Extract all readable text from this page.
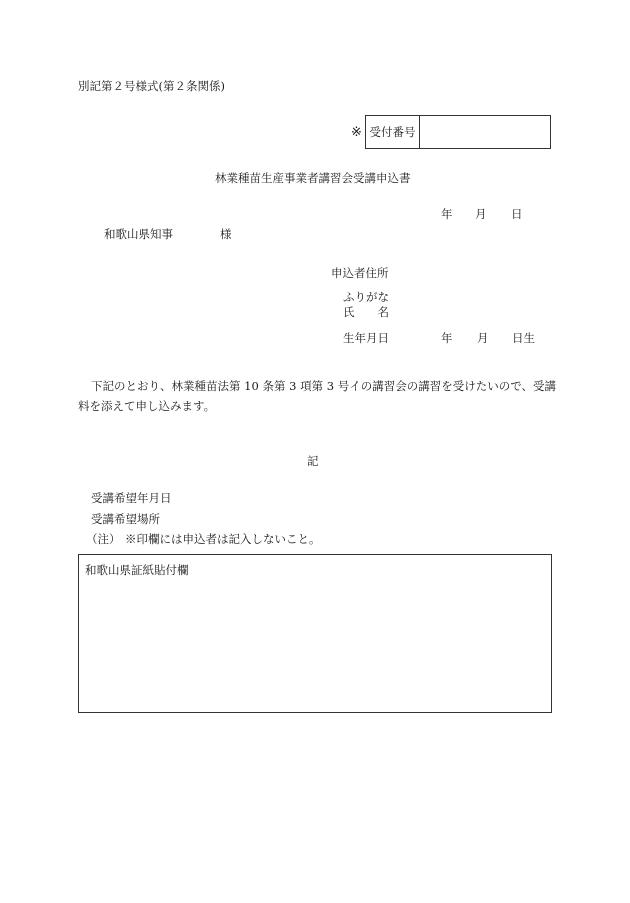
別記第２号様式(第２条関係)
※ 受付番号
林業種苗生産事業者講習会受講申込書
年 月 日
和歌山県知事	様
申込者住所
ふりがな
氏　　名
生年月日	年 月 日生
下記のとおり、林業種苗法第 10 条第 3 項第 3 号イの講習会の講習を受けたいので、受講
料を添えて申し込みます。
記
受講希望年月日
受講希望場所
（注） ※印欄には申込者は記入しないこと。
和歌山県証紙貼付欄
